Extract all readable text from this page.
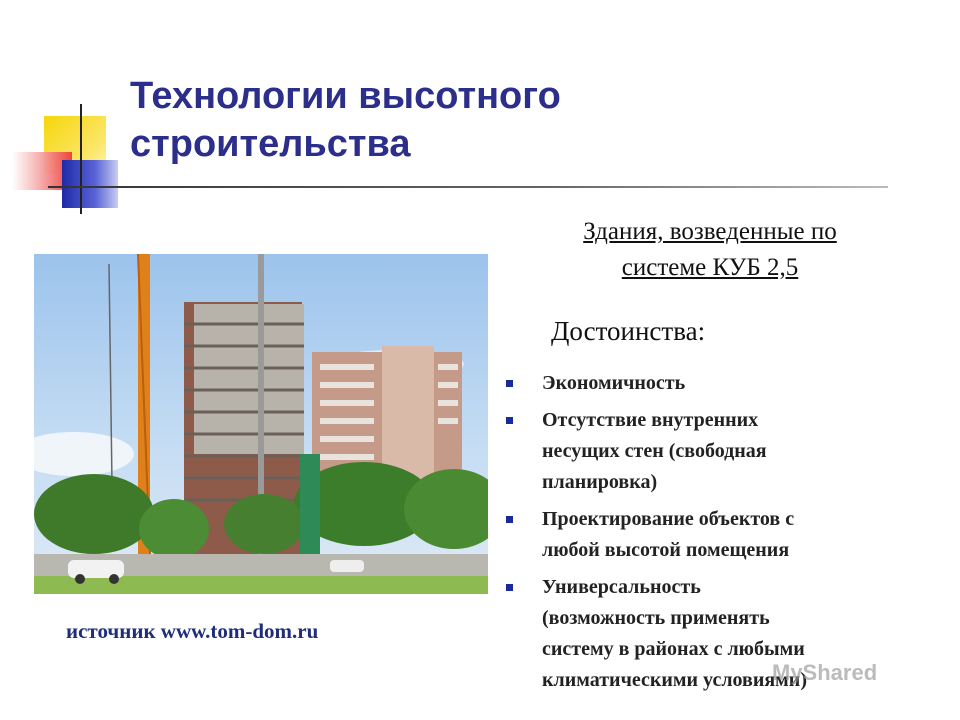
Технологии высотного
строительства
источник www.tom-dom.ru
Здания, возведенные по
системе КУБ 2,5
Достоинства:
Экономичность
Отсутствие внутренних
несущих стен (свободная
планировка)
Проектирование объектов с
любой высотой помещения
Универсальность
(возможность применять
систему в районах с любыми
климатическими условиями)
MyShared
